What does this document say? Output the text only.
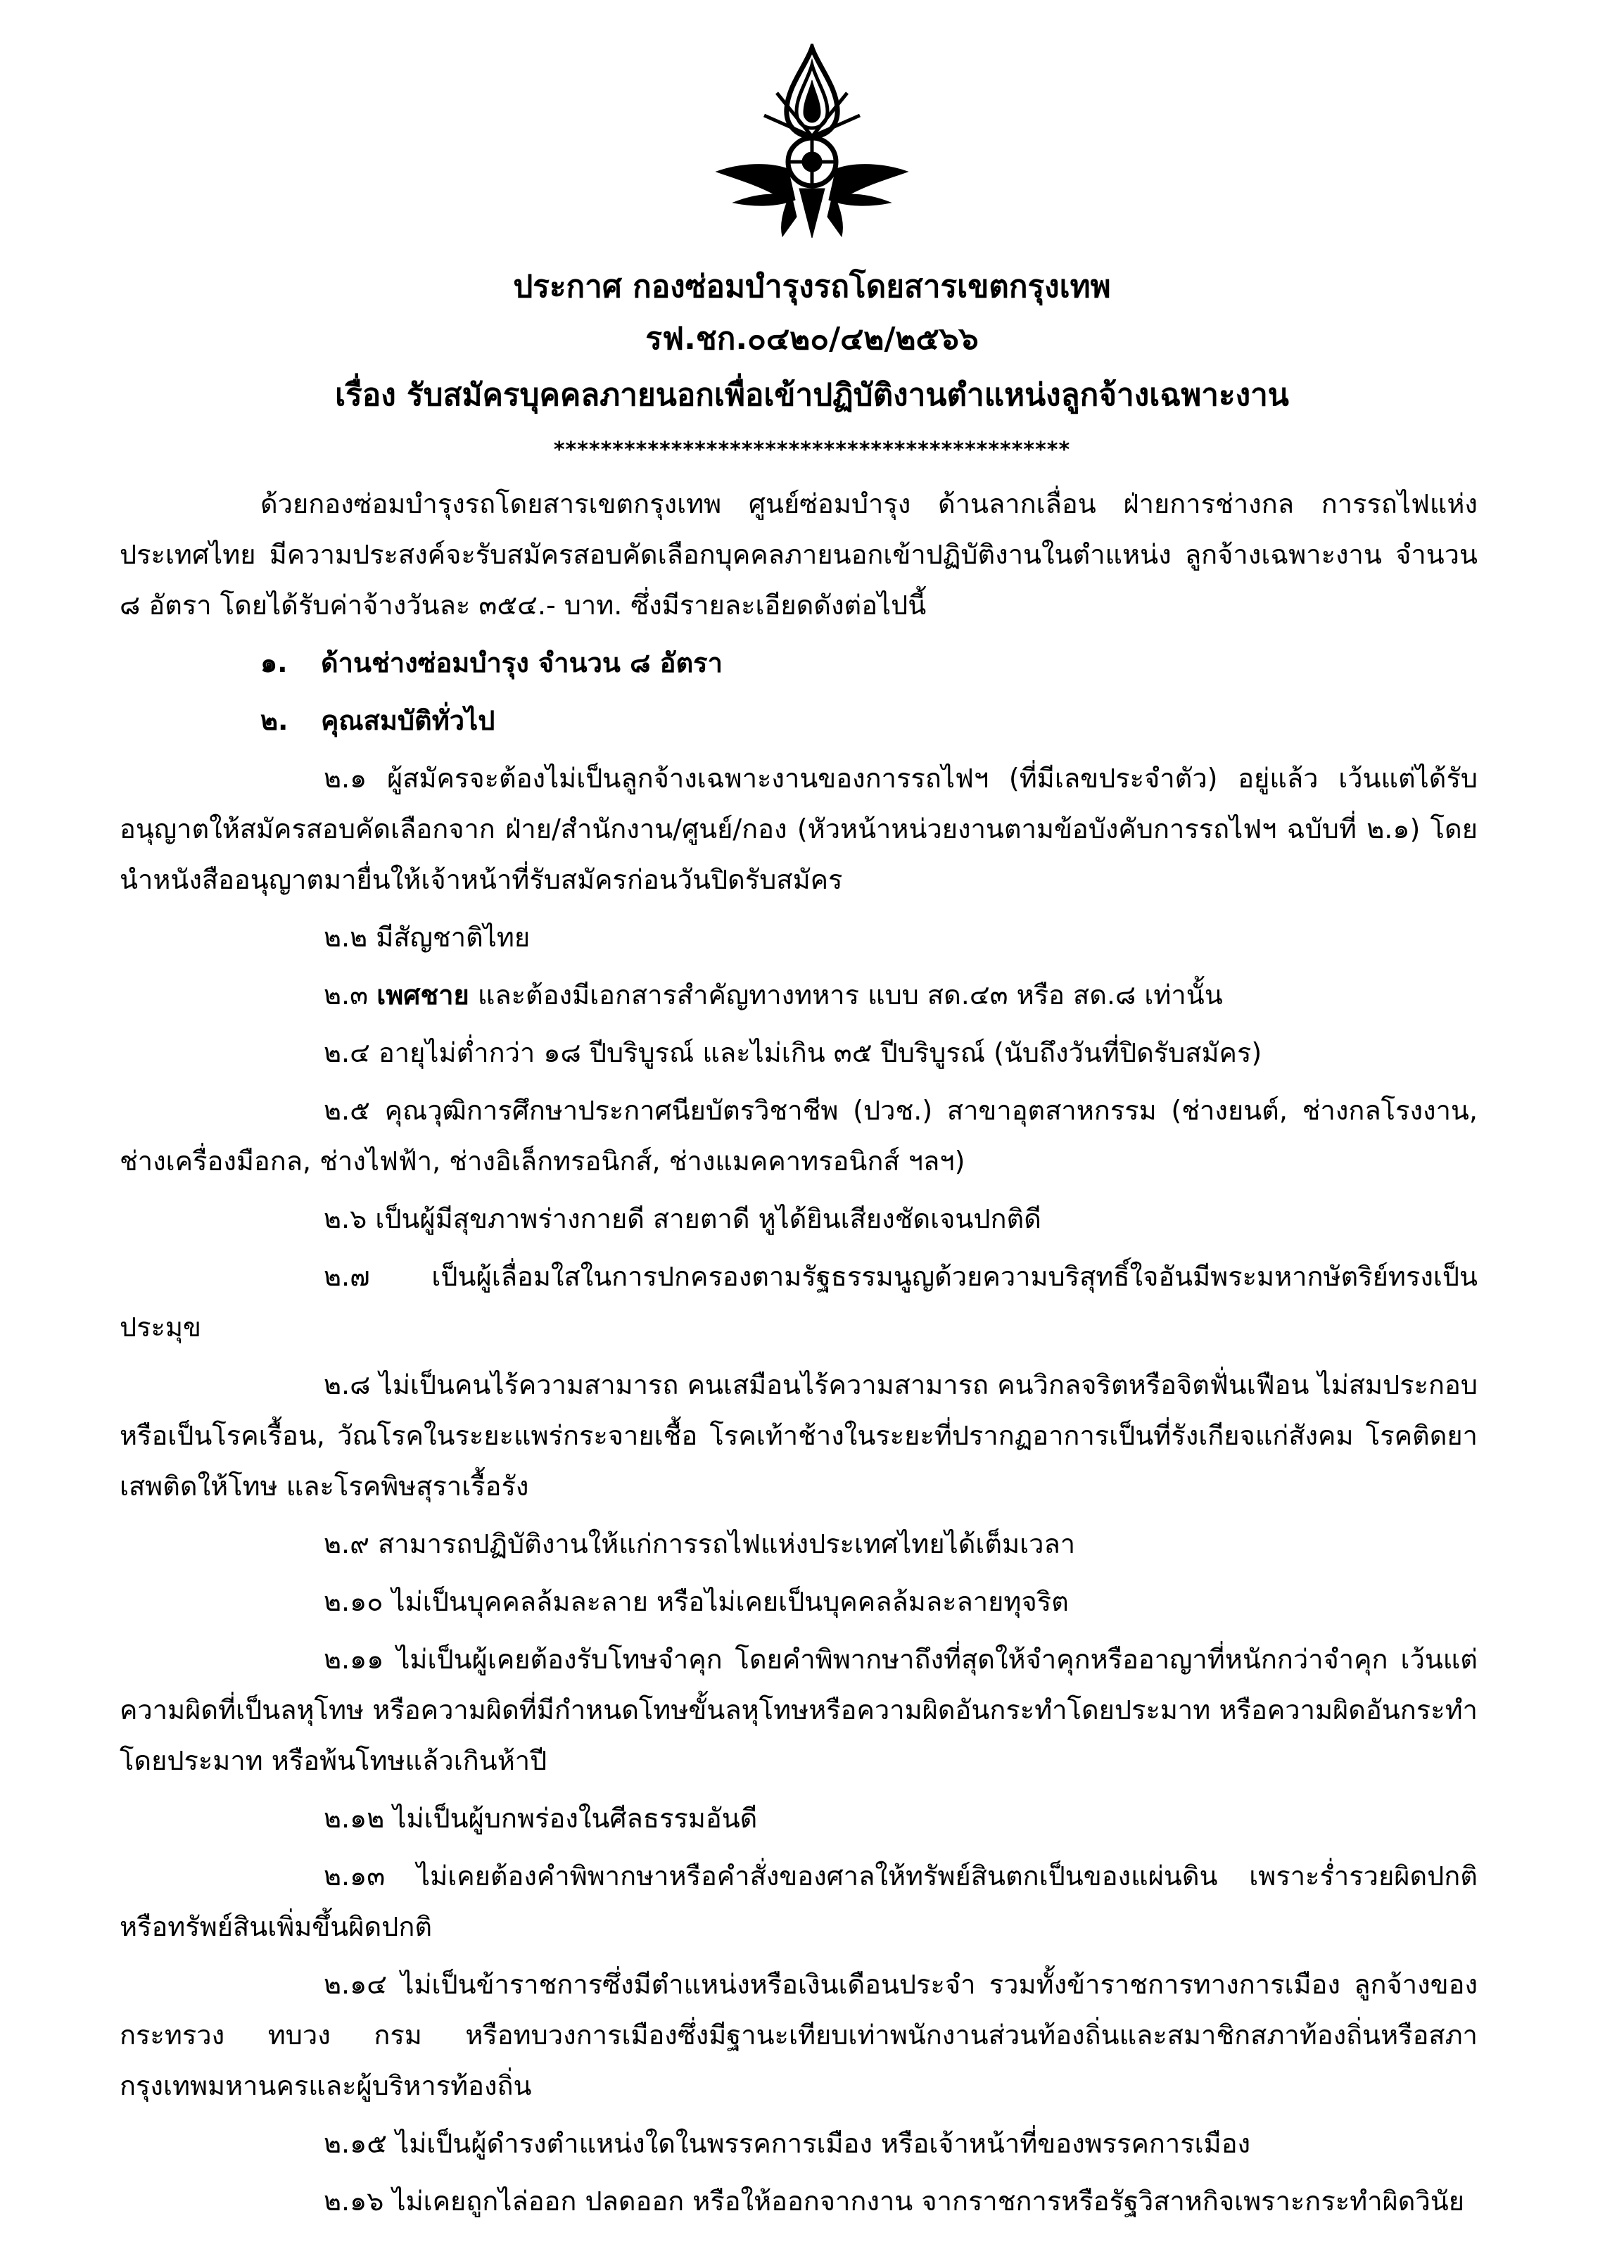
ประกาศ กองซ่อมบำรุงรถโดยสารเขตกรุงเทพ
รฟ.ชก.๐๔๒๐/๔๒/๒๕๖๖
เรื่อง รับสมัครบุคคลภายนอกเพื่อเข้าปฏิบัติงานตำแหน่งลูกจ้างเฉพาะงาน
********************************************

ด้วยกองซ่อมบำรุงรถโดยสารเขตกรุงเทพ ศูนย์ซ่อมบำรุง ด้านลากเลื่อน ฝ่ายการช่างกล การรถไฟแห่งประเทศไทย มีความประสงค์จะรับสมัครสอบคัดเลือกบุคคลภายนอกเข้าปฏิบัติงานในตำแหน่ง ลูกจ้างเฉพาะงาน จำนวน ๘ อัตรา โดยได้รับค่าจ้างวันละ ๓๕๔.- บาท. ซึ่งมีรายละเอียดดังต่อไปนี้

๑. ด้านช่างซ่อมบำรุง จำนวน ๘ อัตรา
๒. คุณสมบัติทั่วไป

๒.๑ ผู้สมัครจะต้องไม่เป็นลูกจ้างเฉพาะงานของการรถไฟฯ (ที่มีเลขประจำตัว) อยู่แล้ว เว้นแต่ได้รับอนุญาตให้สมัครสอบคัดเลือกจาก ฝ่าย/สำนักงาน/ศูนย์/กอง (หัวหน้าหน่วยงานตามข้อบังคับการรถไฟฯ ฉบับที่ ๒.๑) โดยนำหนังสืออนุญาตมายื่นให้เจ้าหน้าที่รับสมัครก่อนวันปิดรับสมัคร

๒.๒ มีสัญชาติไทย

๒.๓ เพศชาย และต้องมีเอกสารสำคัญทางทหาร แบบ สด.๔๓ หรือ สด.๘ เท่านั้น

๒.๔ อายุไม่ต่ำกว่า ๑๘ ปีบริบูรณ์ และไม่เกิน ๓๕ ปีบริบูรณ์ (นับถึงวันที่ปิดรับสมัคร)

๒.๕ คุณวุฒิการศึกษาประกาศนียบัตรวิชาชีพ (ปวช.) สาขาอุตสาหกรรม (ช่างยนต์, ช่างกลโรงงาน, ช่างเครื่องมือกล, ช่างไฟฟ้า, ช่างอิเล็กทรอนิกส์, ช่างแมคคาทรอนิกส์ ฯลฯ)

๒.๖ เป็นผู้มีสุขภาพร่างกายดี สายตาดี หูได้ยินเสียงชัดเจนปกติดี

๒.๗ เป็นผู้เลื่อมใสในการปกครองตามรัฐธรรมนูญด้วยความบริสุทธิ์ใจอันมีพระมหากษัตริย์ทรงเป็นประมุข

๒.๘ ไม่เป็นคนไร้ความสามารถ คนเสมือนไร้ความสามารถ คนวิกลจริตหรือจิตฟั่นเฟือน ไม่สมประกอบหรือเป็นโรคเรื้อน, วัณโรคในระยะแพร่กระจายเชื้อ โรคเท้าช้างในระยะที่ปรากฏอาการเป็นที่รังเกียจแก่สังคม โรคติดยาเสพติดให้โทษ และโรคพิษสุราเรื้อรัง

๒.๙ สามารถปฏิบัติงานให้แก่การรถไฟแห่งประเทศไทยได้เต็มเวลา

๒.๑๐ ไม่เป็นบุคคลล้มละลาย หรือไม่เคยเป็นบุคคลล้มละลายทุจริต

๒.๑๑ ไม่เป็นผู้เคยต้องรับโทษจำคุก โดยคำพิพากษาถึงที่สุดให้จำคุกหรืออาญาที่หนักกว่าจำคุก เว้นแต่ความผิดที่เป็นลหุโทษ หรือความผิดที่มีกำหนดโทษขั้นลหุโทษหรือความผิดอันกระทำโดยประมาท หรือความผิดอันกระทำโดยประมาท หรือพ้นโทษแล้วเกินห้าปี

๒.๑๒ ไม่เป็นผู้บกพร่องในศีลธรรมอันดี

๒.๑๓ ไม่เคยต้องคำพิพากษาหรือคำสั่งของศาลให้ทรัพย์สินตกเป็นของแผ่นดิน เพราะร่ำรวยผิดปกติ หรือทรัพย์สินเพิ่มขึ้นผิดปกติ

๒.๑๔ ไม่เป็นข้าราชการซึ่งมีตำแหน่งหรือเงินเดือนประจำ รวมทั้งข้าราชการทางการเมือง ลูกจ้างของกระทรวง ทบวง กรม หรือทบวงการเมืองซึ่งมีฐานะเทียบเท่าพนักงานส่วนท้องถิ่นและสมาชิกสภาท้องถิ่นหรือสภากรุงเทพมหานครและผู้บริหารท้องถิ่น

๒.๑๕ ไม่เป็นผู้ดำรงตำแหน่งใดในพรรคการเมือง หรือเจ้าหน้าที่ของพรรคการเมือง

๒.๑๖ ไม่เคยถูกไล่ออก ปลดออก หรือให้ออกจากงาน จากราชการหรือรัฐวิสาหกิจเพราะกระทำผิดวินัย
